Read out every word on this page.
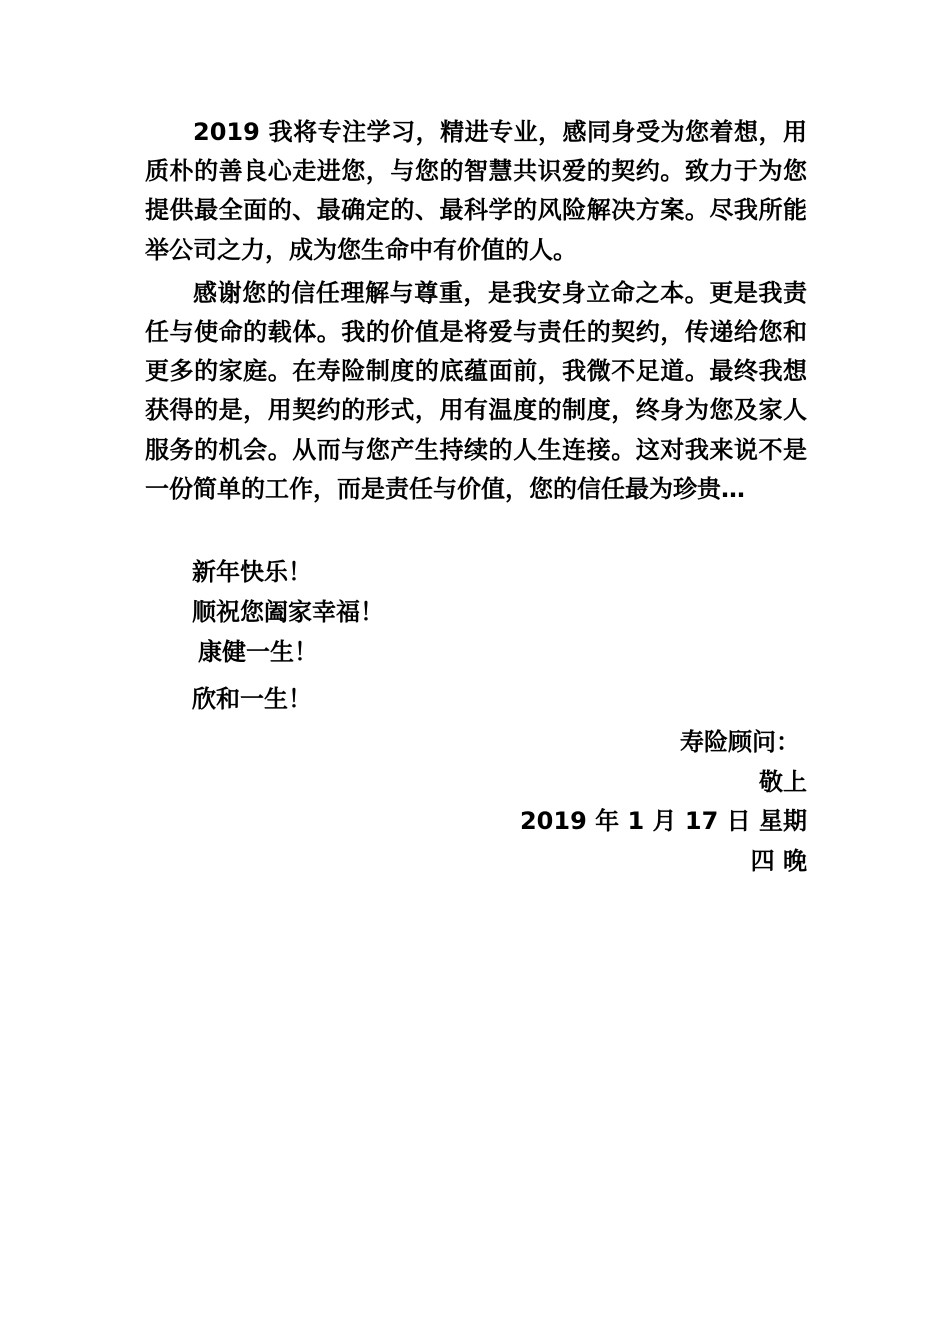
2019 我将专注学习，精进专业，感同身受为您着想，用质朴的善良心走进您，与您的智慧共识爱的契约。致力于为您提供最全面的、最确定的、最科学的风险解决方案。尽我所能举公司之力，成为您生命中有价值的人。

感谢您的信任理解与尊重，是我安身立命之本。更是我责任与使命的载体。我的价值是将爱与责任的契约，传递给您和更多的家庭。在寿险制度的底蕴面前，我微不足道。最终我想获得的是，用契约的形式，用有温度的制度，终身为您及家人服务的机会。从而与您产生持续的人生连接。这对我来说不是一份简单的工作，而是责任与价值，您的信任最为珍贵…

新年快乐！
顺祝您阖家幸福！
康健一生！
欣和一生！
寿险顾问：
敬上
2019 年 1 月 17 日 星期
四 晚
